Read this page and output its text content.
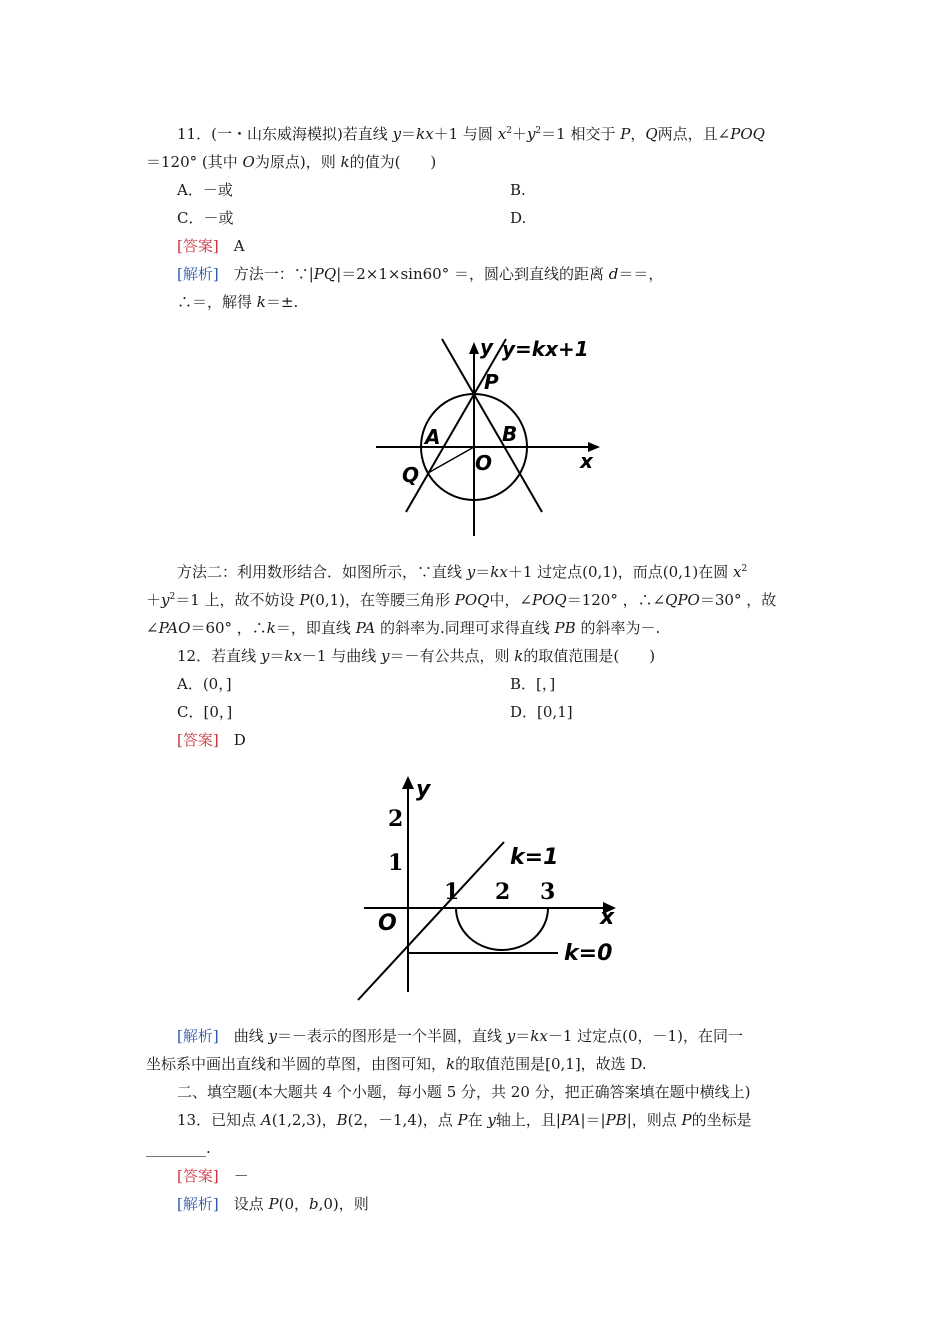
11．(一・山东威海模拟)若直线 y＝kx＋1 与圆 $x^2+y^2=1$ 相交于 P，Q两点，且∠POQ
＝120° (其中 O为原点)，则 k的值为(　　)
A．－或	B.
C．－或	D.
[答案]　 A
[解析]　 方法一：∵|PQ|＝2×1×sin60° ＝，圆心到直线的距离 d＝＝，
∴＝，解得 k＝±.
y y=kx+1
P
A	B
O
Q
x
方法二：利用数形结合．如图所示，∵直线 y＝kx＋1 过定点(0,1)，而点(0,1)在圆 $x^2$
$+y^2=1$ 上，故不妨设 P(0,1)，在等腰三角形 POQ中，∠POQ＝120° ，∴∠QPO＝30° ，故
∠PAO＝60° ，∴k＝，即直线 PA 的斜率为.同理可求得直线 PB 的斜率为－.
12．若直线 y＝kx－1 与曲线 y＝－有公共点，则 k的取值范围是(　　)
A．(0，]	B．[，]
C．[0，]	D．[0,1]
[答案]　 D
y
2
1
O
1 2 3
x
k=1
k=0
[解析]　 曲线 y＝－表示的图形是一个半圆，直线 y＝kx－1 过定点(0，－1)，在同一
坐标系中画出直线和半圆的草图，由图可知，k的取值范围是[0,1]，故选 D.
二、填空题(本大题共 4 个小题，每小题 5 分，共 20 分，把正确答案填在题中横线上)
13．已知点 A(1,2,3)，B(2，－1,4)，点 P在 y轴上，且|PA|＝|PB|，则点 P的坐标是
________.
[答案]　 －
[解析]　 设点 P(0，b,0)，则
